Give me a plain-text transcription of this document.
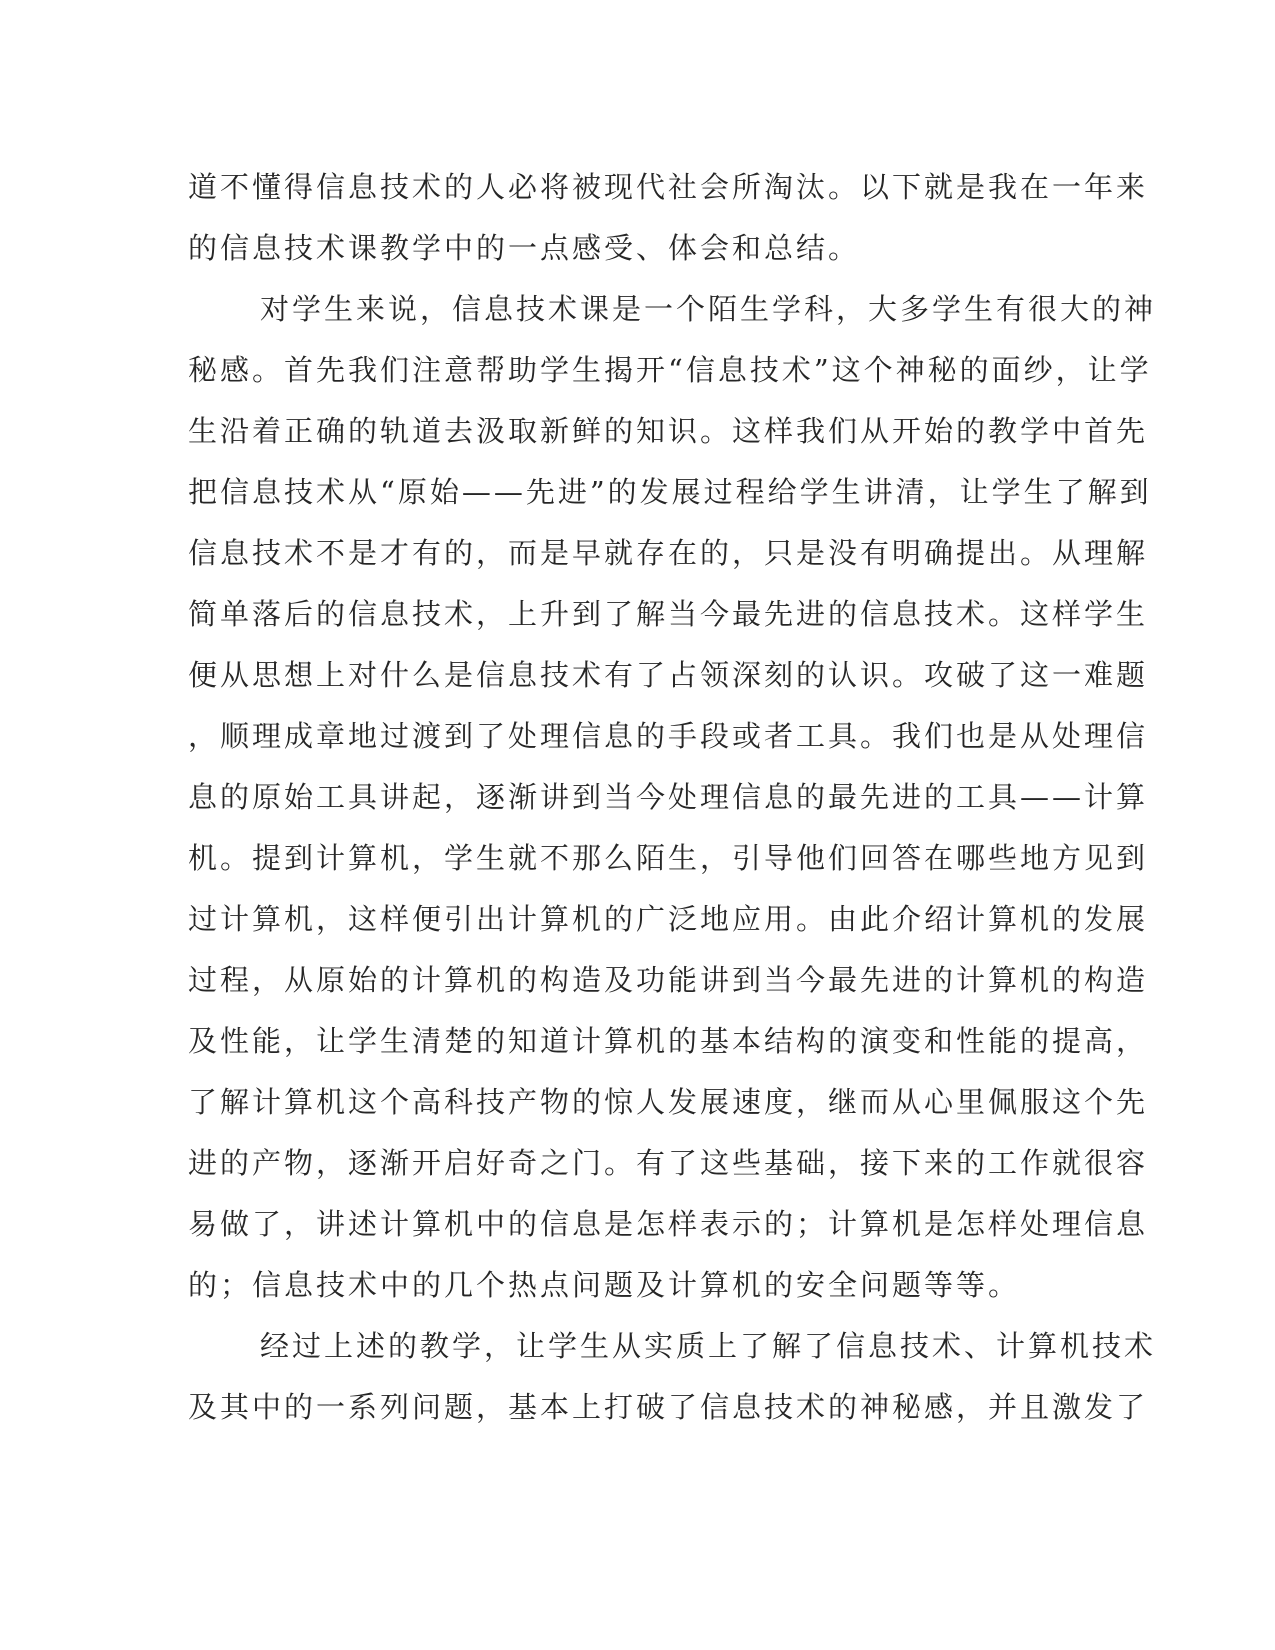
道不懂得信息技术的人必将被现代社会所淘汰。以下就是我在一年来
的信息技术课教学中的一点感受、体会和总结。
对学生来说，信息技术课是一个陌生学科，大多学生有很大的神
秘感。首先我们注意帮助学生揭开“信息技术”这个神秘的面纱，让学
生沿着正确的轨道去汲取新鲜的知识。这样我们从开始的教学中首先
把信息技术从“原始——先进”的发展过程给学生讲清，让学生了解到
信息技术不是才有的，而是早就存在的，只是没有明确提出。从理解
简单落后的信息技术，上升到了解当今最先进的信息技术。这样学生
便从思想上对什么是信息技术有了占领深刻的认识。攻破了这一难题
，顺理成章地过渡到了处理信息的手段或者工具。我们也是从处理信
息的原始工具讲起，逐渐讲到当今处理信息的最先进的工具——计算
机。提到计算机，学生就不那么陌生，引导他们回答在哪些地方见到
过计算机，这样便引出计算机的广泛地应用。由此介绍计算机的发展
过程，从原始的计算机的构造及功能讲到当今最先进的计算机的构造
及性能，让学生清楚的知道计算机的基本结构的演变和性能的提高，
了解计算机这个高科技产物的惊人发展速度，继而从心里佩服这个先
进的产物，逐渐开启好奇之门。有了这些基础，接下来的工作就很容
易做了，讲述计算机中的信息是怎样表示的；计算机是怎样处理信息
的；信息技术中的几个热点问题及计算机的安全问题等等。
经过上述的教学，让学生从实质上了解了信息技术、计算机技术
及其中的一系列问题，基本上打破了信息技术的神秘感，并且激发了
